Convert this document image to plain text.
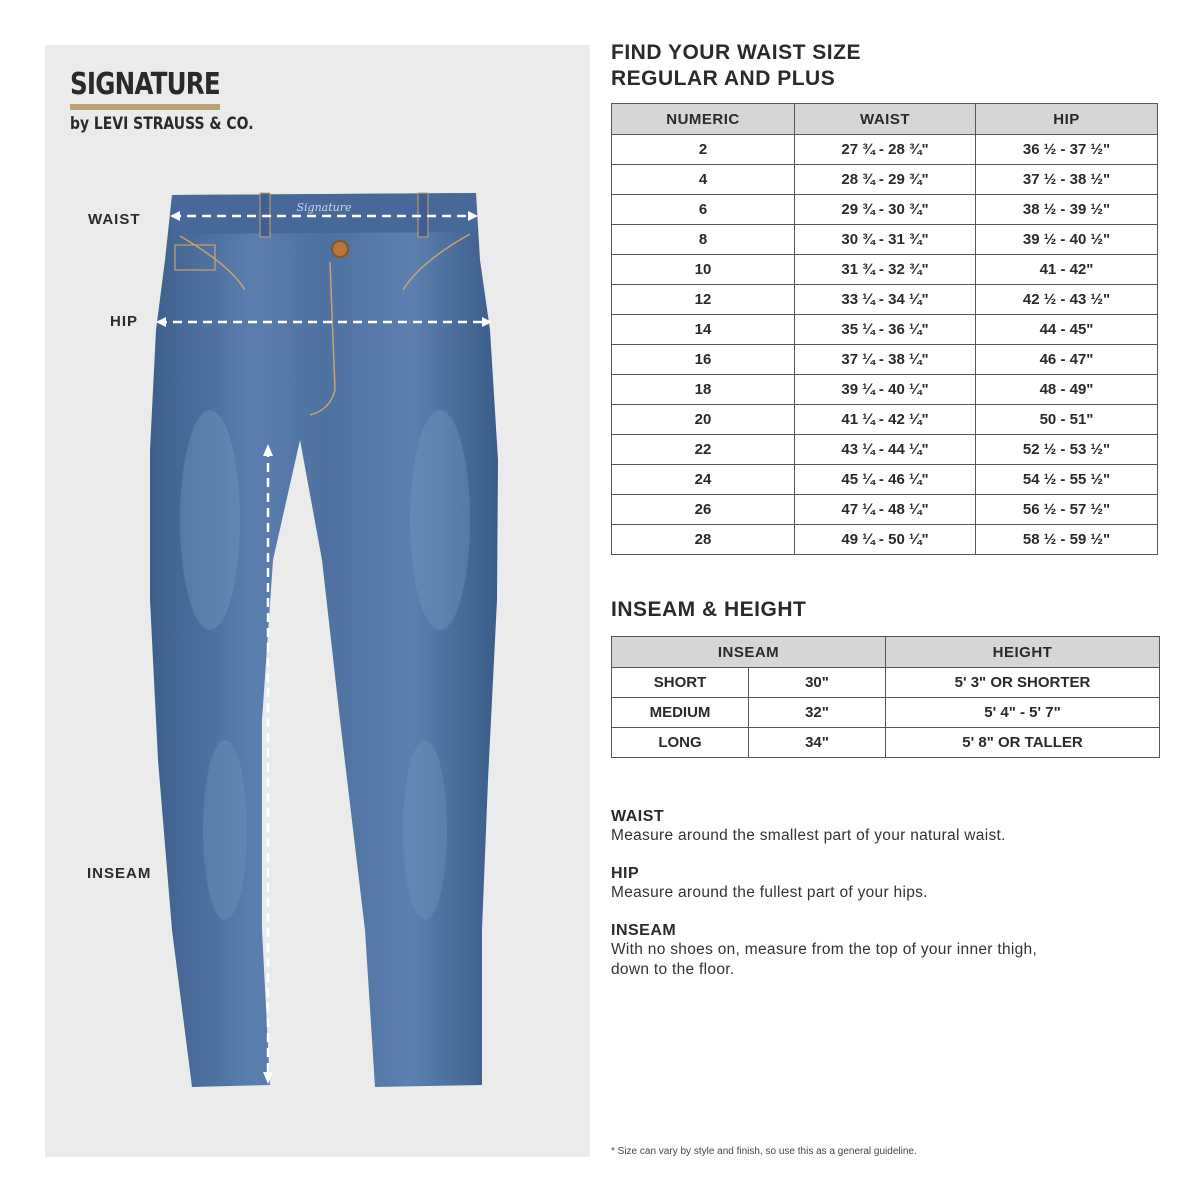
SIGNATURE
by LEVI STRAUSS & CO.
Signature
WAIST
HIP
INSEAM
FIND YOUR WAIST SIZE
REGULAR AND PLUS
NUMERIC	WAIST	HIP
2	27 ¾ - 28 ¾"	36 ½ - 37 ½"
4	28 ¾ - 29 ¾"	37 ½ - 38 ½"
6	29 ¾ - 30 ¾"	38 ½ - 39 ½"
8	30 ¾ - 31 ¾"	39 ½ - 40 ½"
10	31 ¾ - 32 ¾"	41 - 42"
12	33 ¼ - 34 ¼"	42 ½ - 43 ½"
14	35 ¼ - 36 ¼"	44 - 45"
16	37 ¼ - 38 ¼"	46 - 47"
18	39 ¼ - 40 ¼"	48 - 49"
20	41 ¼ - 42 ¼"	50 - 51"
22	43 ¼ - 44 ¼"	52 ½ - 53 ½"
24	45 ¼ - 46 ¼"	54 ½ - 55 ½"
26	47 ¼ - 48 ¼"	56 ½ - 57 ½"
28	49 ¼ - 50 ¼"	58 ½ - 59 ½"
INSEAM & HEIGHT
INSEAM		HEIGHT
SHORT	30"	5' 3" OR SHORTER
MEDIUM	32"	5' 4" - 5' 7"
LONG	34"	5' 8" OR TALLER
WAIST
Measure around the smallest part of your natural waist.
HIP
Measure around the fullest part of your hips.
INSEAM
With no shoes on, measure from the top of your inner thigh,
down to the floor.
* Size can vary by style and finish, so use this as a general guideline.
